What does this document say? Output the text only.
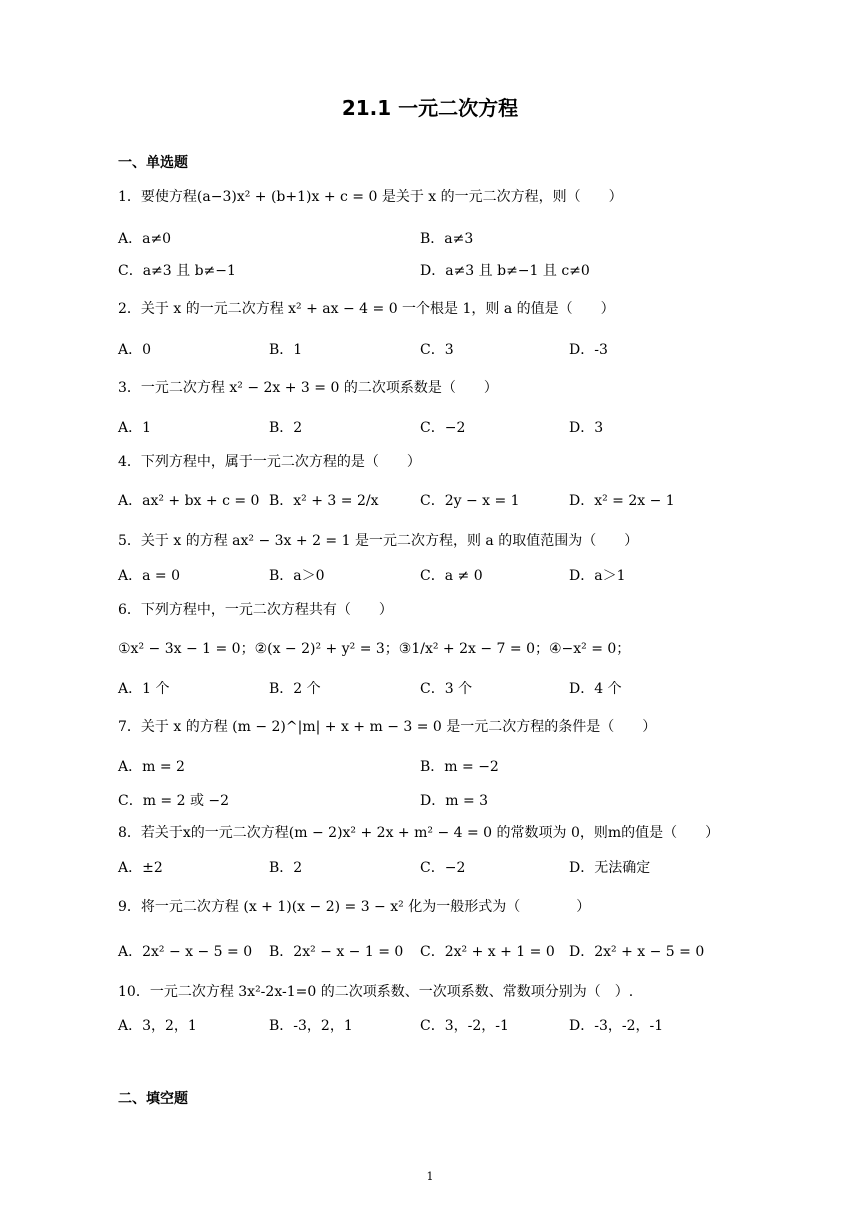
21.1 一元二次方程
一、单选题
1．要使方程(a−3)x² + (b+1)x + c = 0 是关于 x 的一元二次方程，则（　　）
A．a≠0	B．a≠3
C．a≠3 且 b≠−1	D．a≠3 且 b≠−1 且 c≠0
2．关于 x 的一元二次方程 x² + ax − 4 = 0 一个根是 1，则 a 的值是（　　）
A．0	B．1	C．3	D．-3
3．一元二次方程 x² − 2x + 3 = 0 的二次项系数是（　　）
A．1	B．2	C．−2	D．3
4．下列方程中，属于一元二次方程的是（　　）
A．ax² + bx + c = 0 B．x² + 3 = 2/x	C．2y − x = 1	D．x² = 2x − 1
5．关于 x 的方程 ax² − 3x + 2 = 1 是一元二次方程，则 a 的取值范围为（　　）
A．a = 0	B．a＞0	C．a ≠ 0	D．a＞1
6．下列方程中，一元二次方程共有（　　）
①x² − 3x − 1 = 0；②(x − 2)² + y² = 3；③1/x² + 2x − 7 = 0；④−x² = 0；
A．1 个	B．2 个	C．3 个	D．4 个
7．关于 x 的方程 (m − 2)^|m| + x + m − 3 = 0 是一元二次方程的条件是（　　）
A．m = 2	B．m = −2
C．m = 2 或 −2	D．m = 3
8．若关于x的一元二次方程(m − 2)x² + 2x + m² − 4 = 0 的常数项为 0，则m的值是（　　）
A．±2	B．2	C．−2	D．无法确定
9．将一元二次方程 (x + 1)(x − 2) = 3 − x² 化为一般形式为（　　　　）
A．2x² − x − 5 = 0 B．2x² − x − 1 = 0 C．2x² + x + 1 = 0 D．2x² + x − 5 = 0
10．一元二次方程 3x²-2x-1=0 的二次项系数、一次项系数、常数项分别为（　）.
A．3，2，1	B．-3，2，1	C．3，-2，-1	D．-3，-2，-1
二、填空题
1
